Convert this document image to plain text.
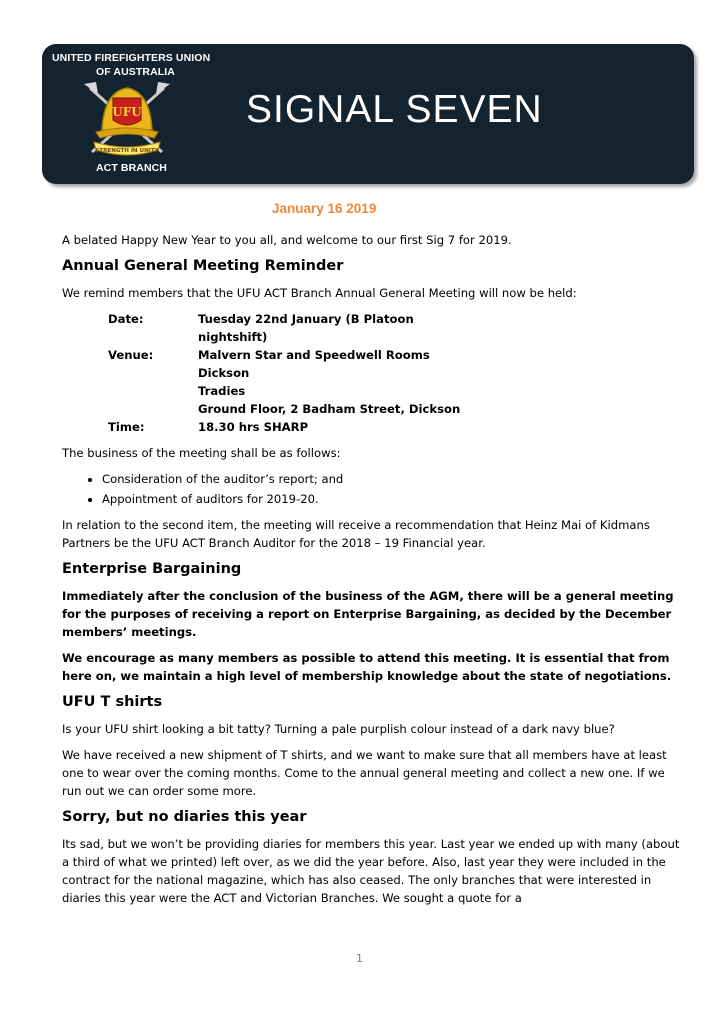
UNITED FIREFIGHTERS UNION
OF AUSTRALIA
UFU
STRENGTH IN UNITY
ACT BRANCH
SIGNAL SEVEN
January 16 2019

A belated Happy New Year to you all, and welcome to our first Sig 7 for 2019.

Annual General Meeting Reminder

We remind members that the UFU ACT Branch Annual General Meeting will now be held:

Date:	Tuesday 22nd January (B Platoon nightshift)
Venue:	Malvern Star and Speedwell Rooms Dickson
	Tradies
	Ground Floor, 2 Badham Street, Dickson
Time:	18.30 hrs SHARP

The business of the meeting shall be as follows:

• Consideration of the auditor’s report; and
• Appointment of auditors for 2019-20.

In relation to the second item, the meeting will receive a recommendation that Heinz Mai of Kidmans Partners be the UFU ACT Branch Auditor for the 2018 – 19 Financial year.

Enterprise Bargaining

Immediately after the conclusion of the business of the AGM, there will be a general meeting for the purposes of receiving a report on Enterprise Bargaining, as decided by the December members’ meetings.

We encourage as many members as possible to attend this meeting. It is essential that from here on, we maintain a high level of membership knowledge about the state of negotiations.

UFU T shirts

Is your UFU shirt looking a bit tatty? Turning a pale purplish colour instead of a dark navy blue?

We have received a new shipment of T shirts, and we want to make sure that all members have at least one to wear over the coming months. Come to the annual general meeting and collect a new one. If we run out we can order some more.

Sorry, but no diaries this year

Its sad, but we won’t be providing diaries for members this year. Last year we ended up with many (about a third of what we printed) left over, as we did the year before. Also, last year they were included in the contract for the national magazine, which has also ceased. The only branches that were interested in diaries this year were the ACT and Victorian Branches. We sought a quote for a

1
